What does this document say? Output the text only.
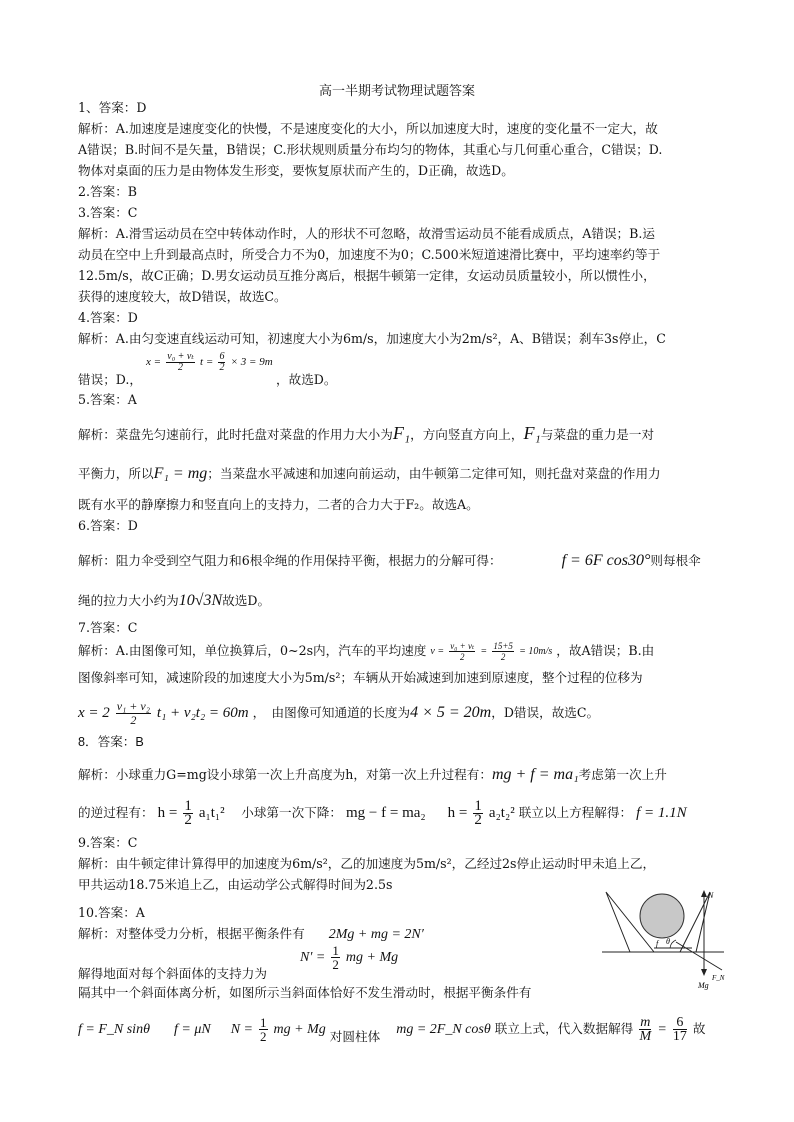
高一半期考试物理试题答案
1、答案：D
解析：A.加速度是速度变化的快慢，不是速度变化的大小，所以加速度大时，速度的变化量不一定大，故
A错误；B.时间不是矢量，B错误；C.形状规则质量分布均匀的物体，其重心与几何重心重合，C错误；D.
物体对桌面的压力是由物体发生形变，要恢复原状而产生的，D正确，故选D。
2.答案：B
3.答案：C
解析：A.滑雪运动员在空中转体动作时，人的形状不可忽略，故滑雪运动员不能看成质点，A错误；B.运
动员在空中上升到最高点时，所受合力不为0，加速度不为0；C.500米短道速滑比赛中，平均速率约等于
12.5m/s，故C正确；D.男女运动员互推分离后，根据牛顿第一定律，女运动员质量较小，所以惯性小，
获得的速度较大，故D错误，故选C。
4.答案：D
解析：A.由匀变速直线运动可知，初速度大小为6m/s，加速度大小为2m/s²，A、B错误；刹车3s停止，C
错误；D.，
$x = \frac{\text{v₀ + vₜ}}{2}$ $t = \frac{6}{2} \times 3 = 9m$
，故选D。
5.答案：A
解析：菜盘先匀速前行，此时托盘对菜盘的作用力大小为F₁，方向竖直方向上，F₁与菜盘的重力是一对
平衡力，所以F₁ = mg；当菜盘水平减速和加速向前运动，由牛顿第二定律可知，则托盘对菜盘的作用力
既有水平的静摩擦力和竖直向上的支持力，二者的合力大于F₂。故选A。
6.答案：D
解析：阻力伞受到空气阻力和6根伞绳的作用保持平衡，根据力的分解可得：	f = 6F cos30°则每根伞
绳的拉力大小约为10√3N故选D。
7.答案：C
解析：A.由图像可知，单位换算后，0~2s内，汽车的平均速度 $v = \frac{\text{v₀ + vₜ}}{2} = \frac{15+5}{2} = 10m/s$ ，故A错误；B.由
图像斜率可知，减速阶段的加速度大小为5m/s²；车辆从开始减速到加速到原速度，整个过程的位移为
$x = 2 \frac{\text{v₁ + v₂}}{2} t_1 + v_2t_2 = 60m$ ，　由图像可知通道的长度为4 × 5 = 20m，D错误，故选C。
8．答案：B
解析：小球重力G=mg设小球第一次上升高度为h，对第一次上升过程有：mg + f = ma₁考虑第一次上升
的逆过程有： $h = \frac{1}{2} a_1t_1^2$ 　小球第一次下降： mg − f = ma₂ $h = \frac{1}{2} a_2t_2^2$ 联立以上方程解得： f = 1.1N
9.答案：C
解析：由牛顿定律计算得甲的加速度为6m/s²，乙的加速度为5m/s²，乙经过2s停止运动时甲未追上乙，
甲共运动18.75米追上乙，由运动学公式解得时间为2.5s
10.答案：A
解析：对整体受力分析，根据平衡条件有 2Mg + mg = 2N′
$N' = \frac{1}{2}$ mg + Mg
解得地面对每个斜面体的支持力为
隔其中一个斜面体离分析，如图所示当斜面体恰好不发生滑动时，根据平衡条件有
f = F_N sinθ f = μN $N = \frac{1}{2}$ mg + Mg 对圆柱体 mg = 2F_N cosθ 联立上式，代入数据解得 $\frac{m}{M} = \frac{6}{17}$ 故
N
f θ
Mg
F_N
